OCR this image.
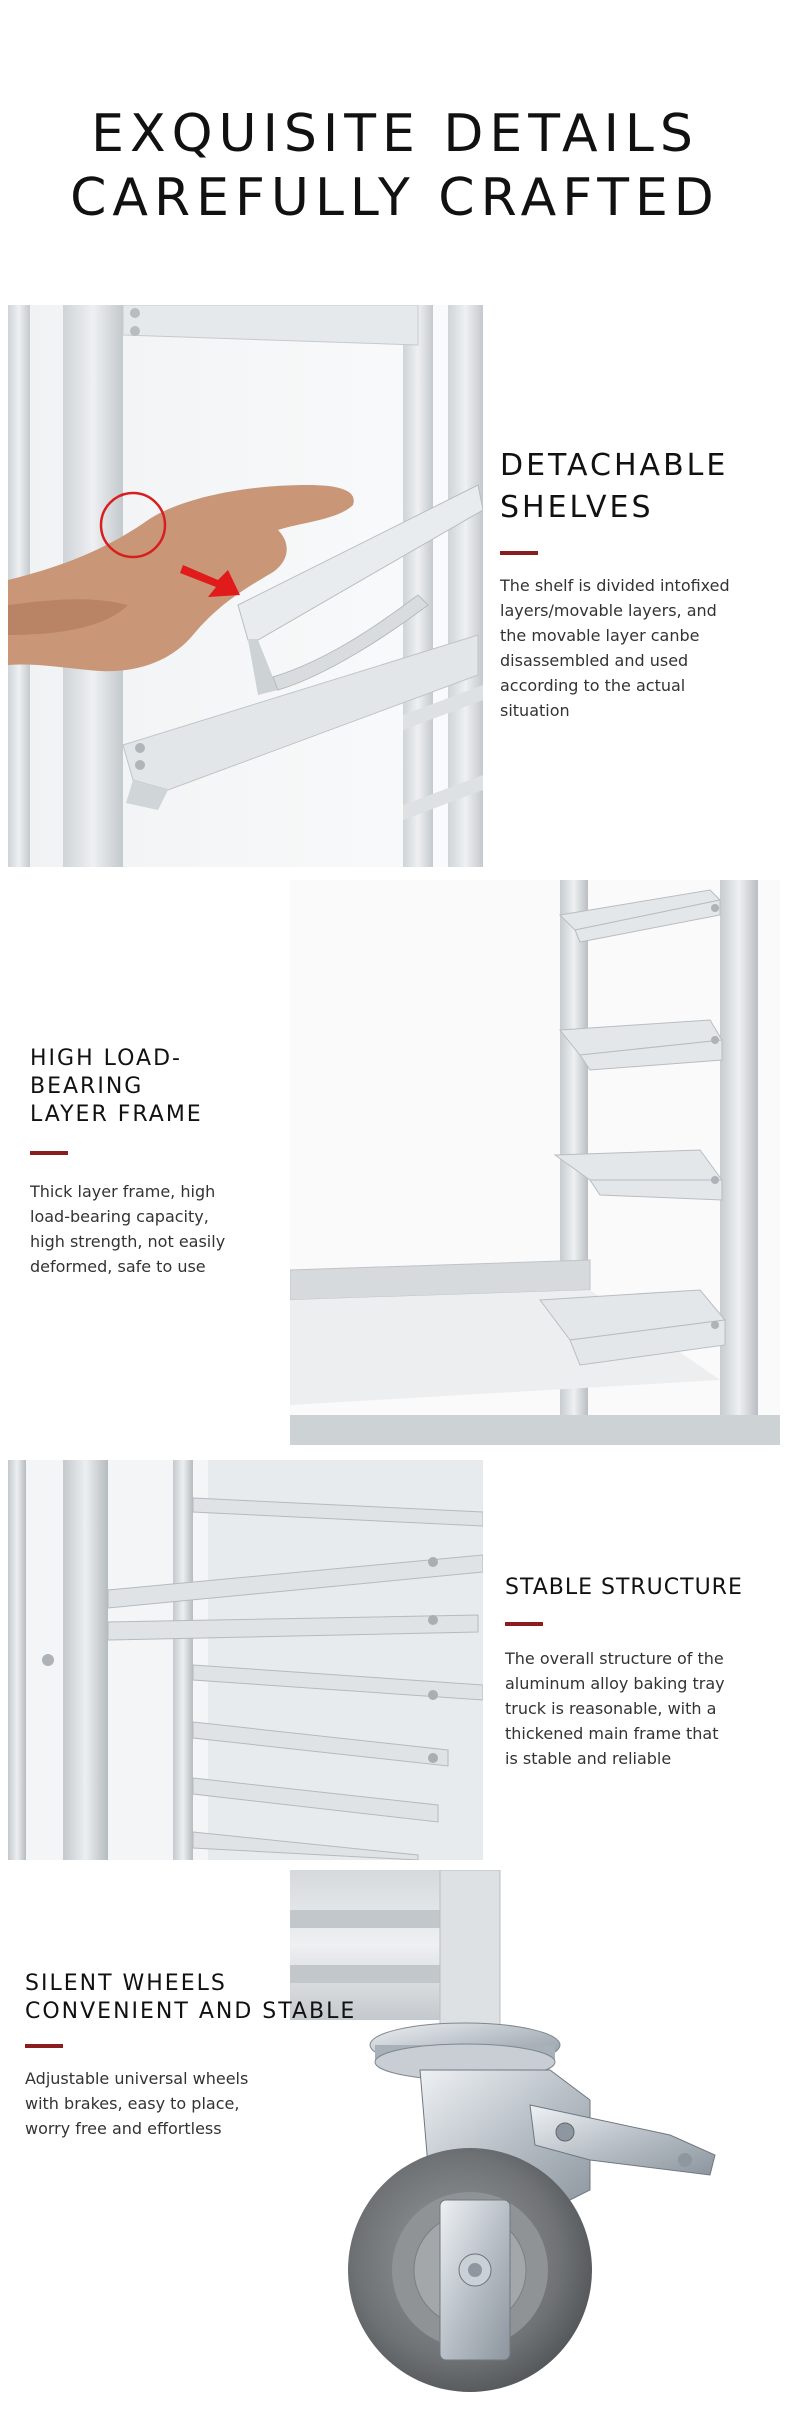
EXQUISITE DETAILS
CAREFULLY CRAFTED
DETACHABLE
SHELVES
The shelf is divided intofixed
layers/movable layers, and
the movable layer canbe
disassembled and used
according to the actual
situation
HIGH LOAD-BEARING
LAYER FRAME
Thick layer frame, high
load-bearing capacity,
high strength, not easily
deformed, safe to use
STABLE STRUCTURE
The overall structure of the
aluminum alloy baking tray
truck is reasonable, with a
thickened main frame that
is stable and reliable
SILENT WHEELS
CONVENIENT AND STABLE
Adjustable universal wheels
with brakes, easy to place,
worry free and effortless
